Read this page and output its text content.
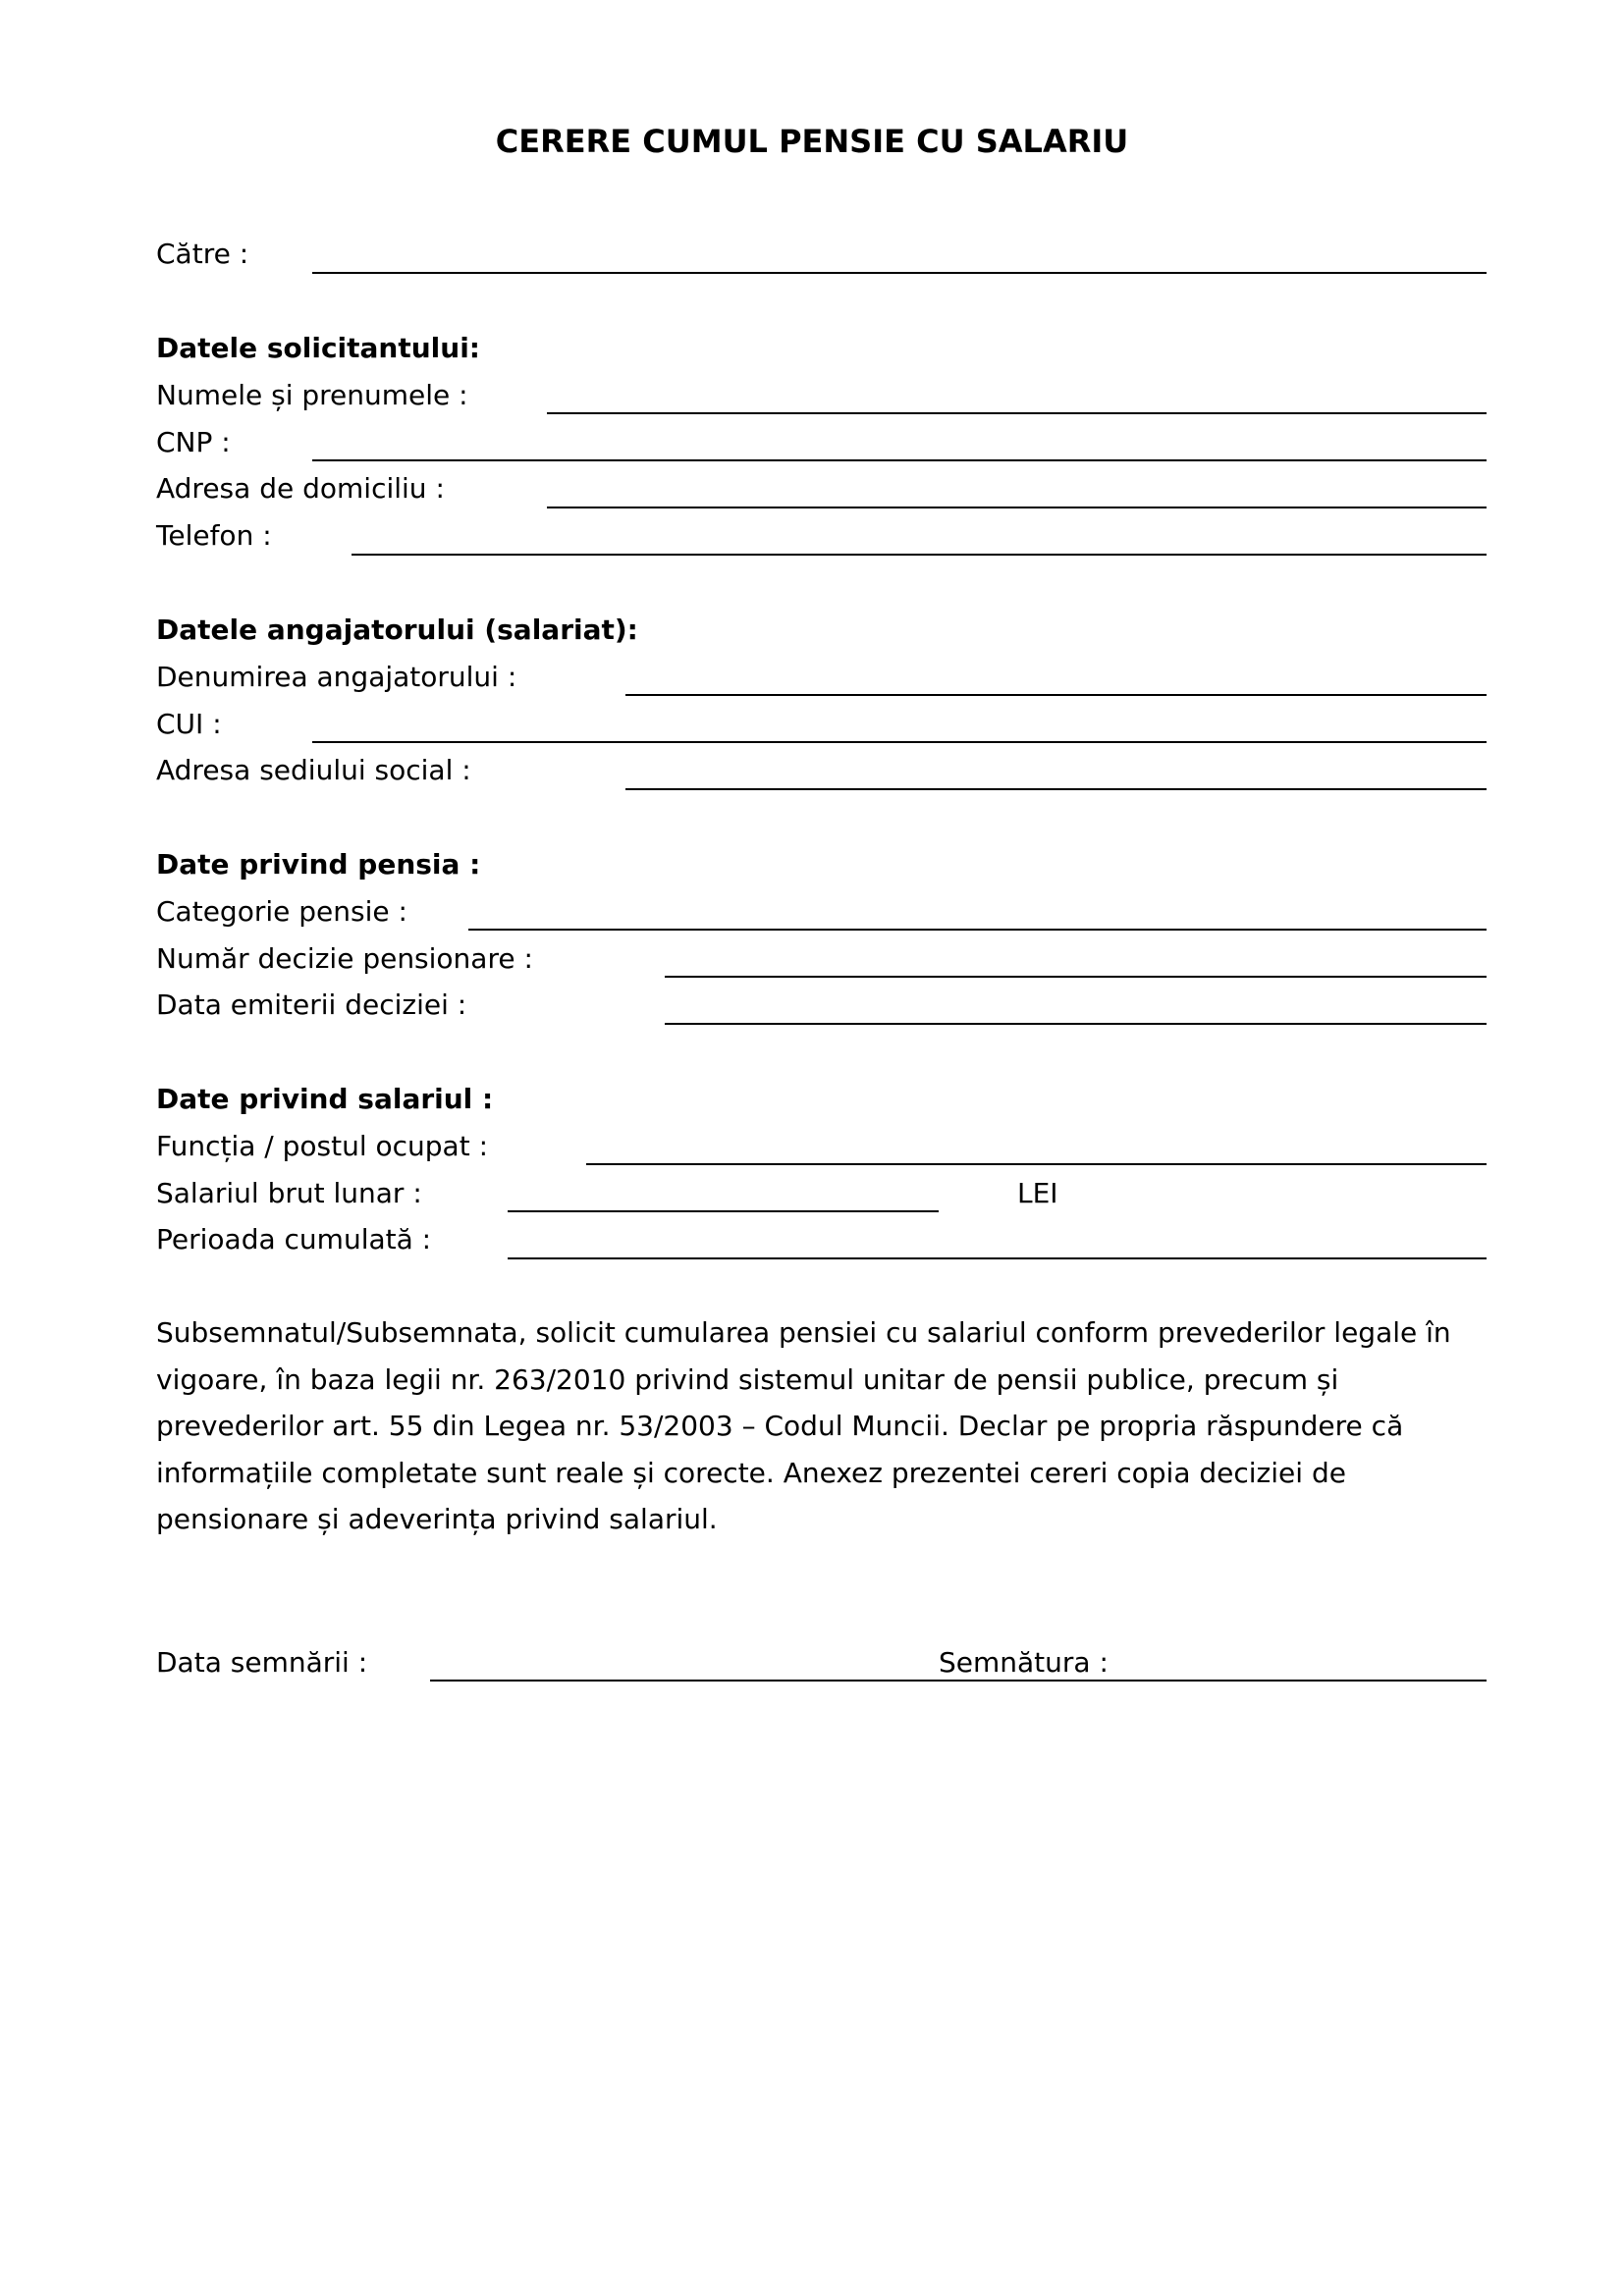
CERERE CUMUL PENSIE CU SALARIU
Către :
Datele solicitantului:
Numele și prenumele :
CNP :
Adresa de domiciliu :
Telefon :
Datele angajatorului (salariat):
Denumirea angajatorului :
CUI :
Adresa sediului social :
Date privind pensia :
Categorie pensie :
Număr decizie pensionare :
Data emiterii deciziei :
Date privind salariul :
Funcția / postul ocupat :
Salariul brut lunar :	LEI
Perioada cumulată :
Subsemnatul/Subsemnata, solicit cumularea pensiei cu salariul conform prevederilor legale în
vigoare, în baza legii nr. 263/2010 privind sistemul unitar de pensii publice, precum și
prevederilor art. 55 din Legea nr. 53/2003 – Codul Muncii. Declar pe propria răspundere că
informațiile completate sunt reale și corecte. Anexez prezentei cereri copia deciziei de
pensionare și adeverința privind salariul.
Data semnării :	Semnătura :
